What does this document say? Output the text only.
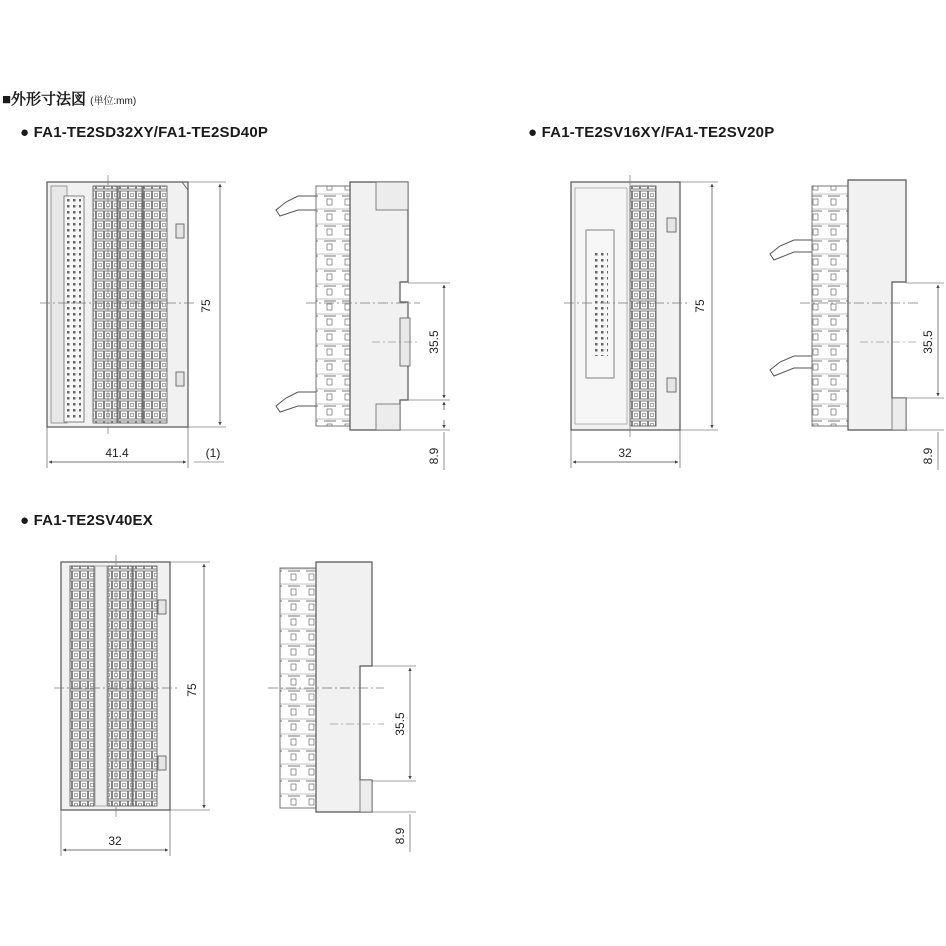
■外形寸法図 (単位:mm)
● FA1-TE2SD32XY/FA1-TE2SD40P	● FA1-TE2SV16XY/FA1-TE2SV20P
● FA1-TE2SV40EX
75
41.4	(1)
35.5
8.9
75
32
35.5
8.9
75
32
35.5
8.9
